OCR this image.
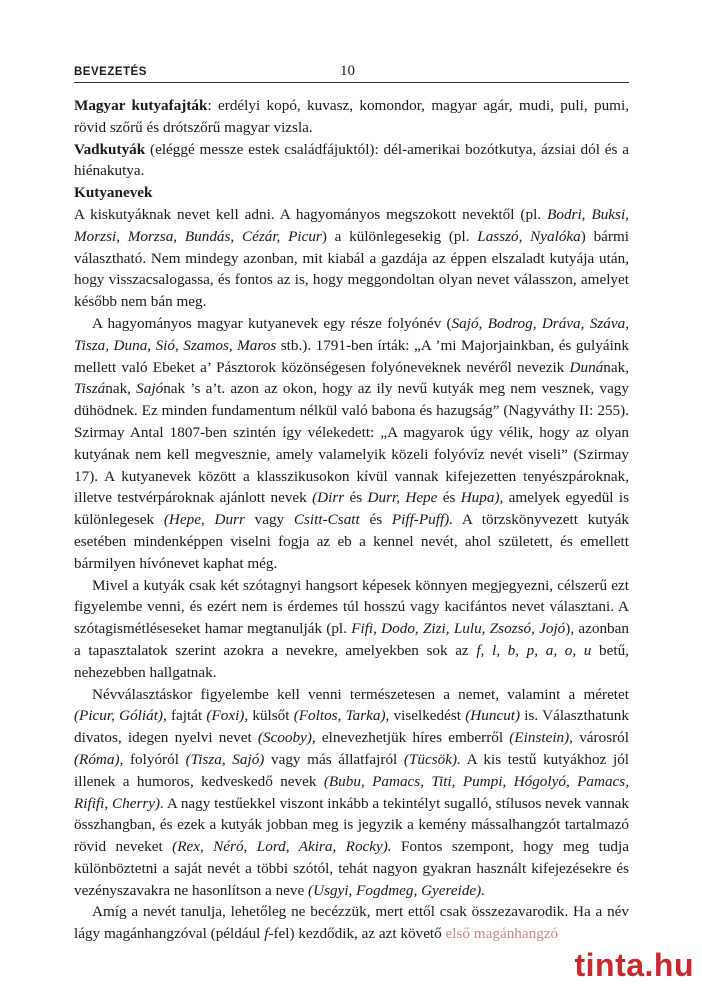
BEVEZETÉS	10

Magyar kutyafajták: erdélyi kopó, kuvasz, komondor, magyar agár, mudi, puli, pumi, rövid szőrű és drótszőrű magyar vizsla.

Vadkutyák (eléggé messze estek családfájuktól): dél-amerikai bozótkutya, ázsiai dól és a hiénakutya.

Kutyanevek

A kiskutyáknak nevet kell adni. A hagyományos megszokott nevektől (pl. Bodri, Buksi, Morzsi, Morzsa, Bundás, Cézár, Picur) a különlegesekig (pl. Lasszó, Nyalóka) bármi választható. Nem mindegy azonban, mit kiabál a gazdája az éppen elszaladt kutyája után, hogy visszacsalogassa, és fontos az is, hogy meggondoltan olyan nevet válasszon, amelyet később nem bán meg.

A hagyományos magyar kutyanevek egy része folyónév (Sajó, Bodrog, Dráva, Száva, Tisza, Duna, Sió, Szamos, Maros stb.). 1791-ben írták: „A ’mi Majorjainkban, és gulyáink mellett való Ebeket a’ Pásztorok közönségesen folyóneveknek nevéről nevezik Dunának, Tiszának, Sajónak ’s a’t. azon az okon, hogy az ily nevű kutyák meg nem vesznek, vagy dühödnek. Ez minden fundamentum nélkül való babona és hazugság” (Nagyváthy II: 255). Szirmay Antal 1807-ben szintén így vélekedett: „A magyarok úgy vélik, hogy az olyan kutyának nem kell megvesznie, amely valamelyik közeli folyóvíz nevét viseli” (Szirmay 17). A kutyanevek között a klasszikusokon kívül vannak kifejezetten tenyészpároknak, illetve testvérpároknak ajánlott nevek (Dirr és Durr, Hepe és Hupa), amelyek egyedül is különlegesek (Hepe, Durr vagy Csitt-Csatt és Piff-Puff). A törzskönyvezett kutyák esetében mindenképpen viselni fogja az eb a kennel nevét, ahol született, és emellett bármilyen hívónevet kaphat még.

Mivel a kutyák csak két szótagnyi hangsort képesek könnyen megjegyezni, célszerű ezt figyelembe venni, és ezért nem is érdemes túl hosszú vagy kacifántos nevet választani. A szótagismétléseseket hamar megtanulják (pl. Fifi, Dodo, Zizi, Lulu, Zsozsó, Jojó), azonban a tapasztalatok szerint azokra a nevekre, amelyekben sok az f, l, b, p, a, o, u betű, nehezebben hallgatnak.

Névválasztáskor figyelembe kell venni természetesen a nemet, valamint a méretet (Picur, Góliát), fajtát (Foxi), külsőt (Foltos, Tarka), viselkedést (Huncut) is. Választhatunk divatos, idegen nyelvi nevet (Scooby), elnevezhetjük híres emberről (Einstein), városról (Róma), folyóról (Tisza, Sajó) vagy más állatfajról (Tücsök). A kis testű kutyákhoz jól illenek a humoros, kedveskedő nevek (Bubu, Pamacs, Titi, Pumpi, Hógolyó, Pamacs, Rififi, Cherry). A nagy testűekkel viszont inkább a tekintélyt sugalló, stílusos nevek vannak összhangban, és ezek a kutyák jobban meg is jegyzik a kemény mássalhangzót tartalmazó rövid neveket (Rex, Néró, Lord, Akira, Rocky). Fontos szempont, hogy meg tudja különböztetni a saját nevét a többi szótól, tehát nagyon gyakran használt kifejezésekre és vezényszavakra ne hasonlítson a neve (Usgyi, Fogdmeg, Gyereide).

Amíg a nevét tanulja, lehetőleg ne becézzük, mert ettől csak összezavarodik. Ha a név lágy magánhangzóval (például f-fel) kezdődik, az azt követő első magánhangzó

tinta.hu
